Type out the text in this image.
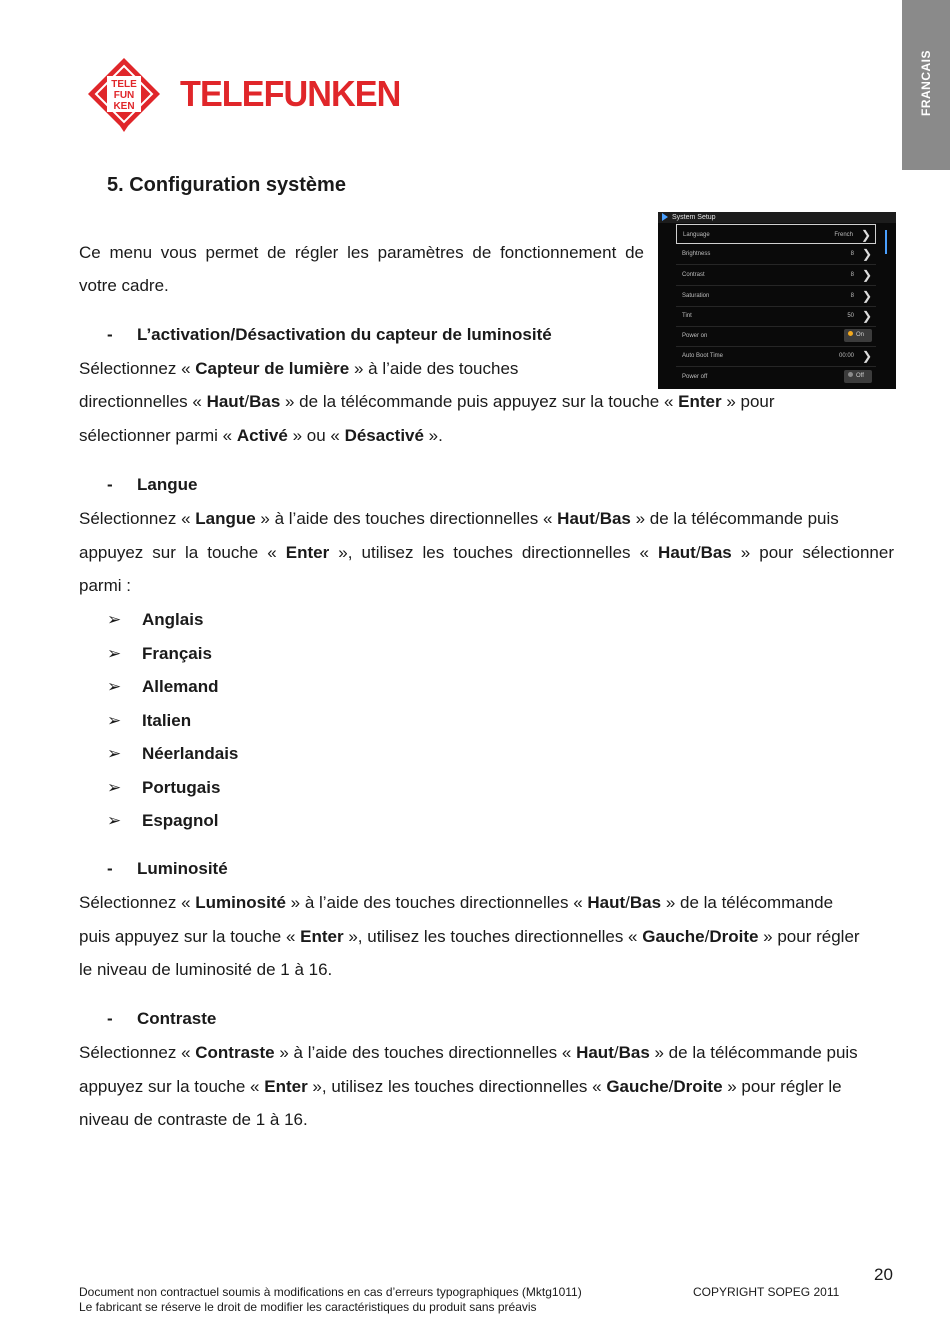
FRANCAIS
TELE
FUN
KEN TELEFUNKEN
5. Configuration système

Ce menu vous permet de régler les paramètres de fonctionnement de

votre cadre.

System Setup
Language	French ❯
Brightness	8 ❯
Contrast	8 ❯
Saturation	8 ❯
Tint	50 ❯
Power on	On
Auto Boot Time	00:00 ❯
Power off	Off

- L’activation/Désactivation du capteur de luminosité

Sélectionnez « Capteur de lumière » à l’aide des touches

directionnelles « Haut/Bas » de la télécommande puis appuyez sur la touche « Enter » pour

sélectionner parmi « Activé » ou « Désactivé ».

- Langue

Sélectionnez « Langue » à l’aide des touches directionnelles « Haut/Bas » de la télécommande puis

appuyez sur la touche « Enter », utilisez les touches directionnelles « Haut/Bas » pour sélectionner

parmi :

➢ Anglais
➢ Français
➢ Allemand
➢ Italien
➢ Néerlandais
➢ Portugais
➢ Espagnol

- Luminosité

Sélectionnez « Luminosité » à l’aide des touches directionnelles « Haut/Bas » de la télécommande

puis appuyez sur la touche « Enter », utilisez les touches directionnelles « Gauche/Droite » pour régler

le niveau de luminosité de 1 à 16.

- Contraste

Sélectionnez « Contraste » à l’aide des touches directionnelles « Haut/Bas » de la télécommande puis

appuyez sur la touche « Enter », utilisez les touches directionnelles « Gauche/Droite » pour régler le

niveau de contraste de 1 à 16.

20
Document non contractuel soumis à modifications en cas d’erreurs typographiques (Mktg1011)
Le fabricant se réserve le droit de modifier les caractéristiques du produit sans préavis
COPYRIGHT SOPEG 2011
